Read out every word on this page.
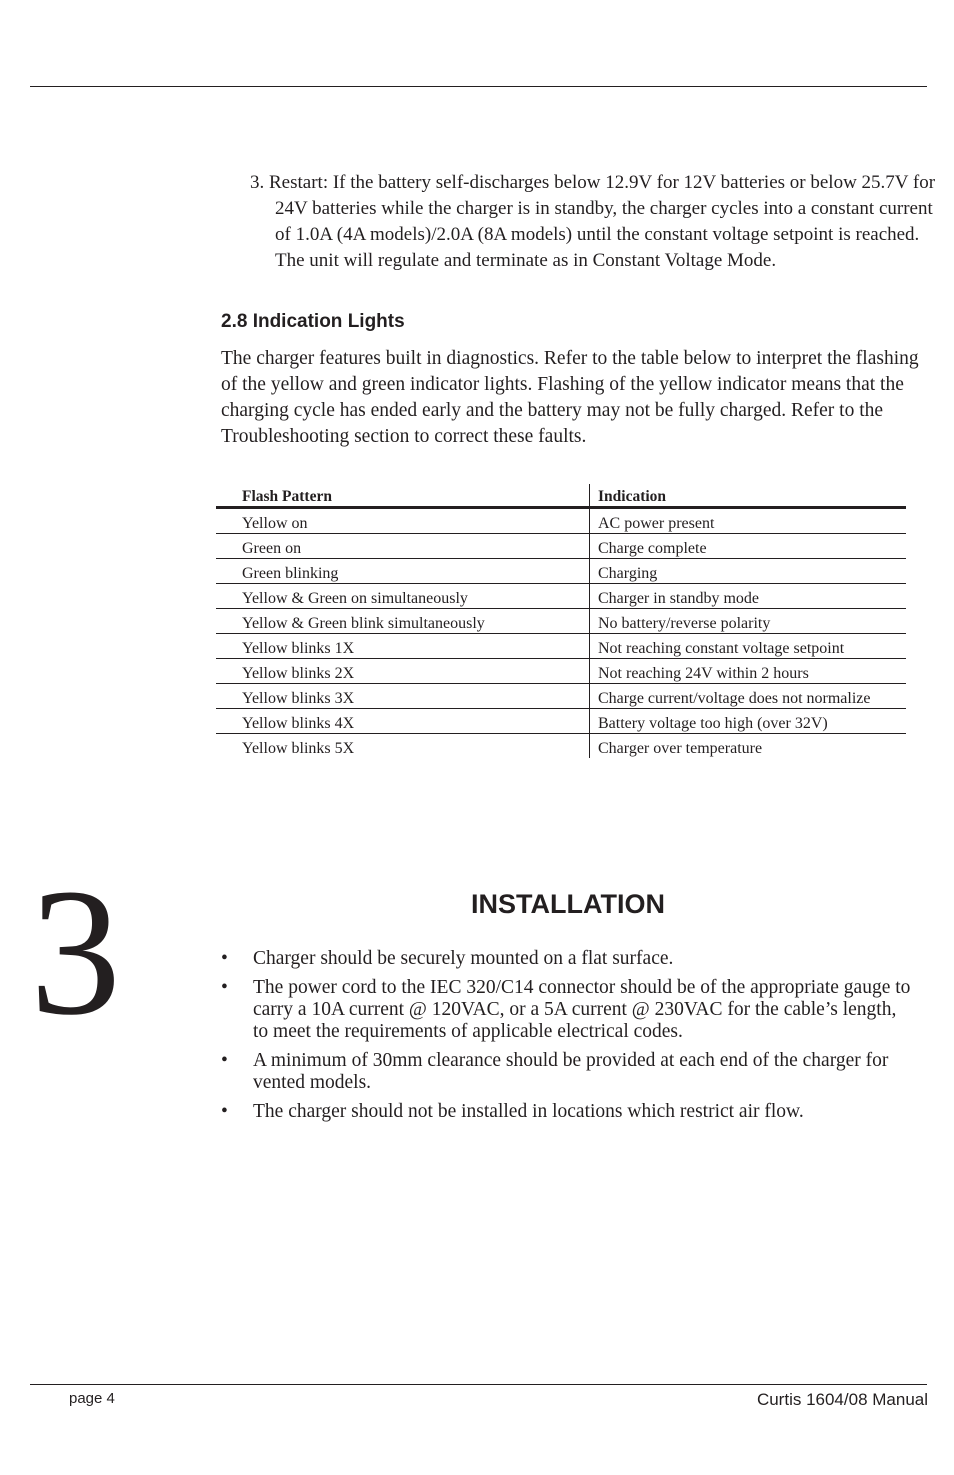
3. Restart: If the battery self-discharges below 12.9V for 12V batteries or below 25.7V for 24V batteries while the charger is in standby, the charger cycles into a constant current of 1.0A (4A models)/2.0A (8A models) until the constant voltage setpoint is reached. The unit will regulate and terminate as in Constant Voltage Mode.

2.8 Indication Lights

The charger features built in diagnostics. Refer to the table below to interpret the flashing of the yellow and green indicator lights. Flashing of the yellow indicator means that the charging cycle has ended early and the battery may not be fully charged. Refer to the Troubleshooting section to correct these faults.

Flash Pattern	Indication
Yellow on	AC power present
Green on	Charge complete
Green blinking	Charging
Yellow & Green on simultaneously	Charger in standby mode
Yellow & Green blink simultaneously	No battery/reverse polarity
Yellow blinks 1X	Not reaching constant voltage setpoint
Yellow blinks 2X	Not reaching 24V within 2 hours
Yellow blinks 3X	Charge current/voltage does not normalize
Yellow blinks 4X	Battery voltage too high (over 32V)
Yellow blinks 5X	Charger over temperature
3	INSTALLATION
• Charger should be securely mounted on a flat surface.
• The power cord to the IEC 320/C14 connector should be of the appropriate gauge to carry a 10A current @ 120VAC, or a 5A current @ 230VAC for the cable’s length, to meet the requirements of applicable electrical codes.
• A minimum of 30mm clearance should be provided at each end of the charger for vented models.
• The charger should not be installed in locations which restrict air flow.
page 4	Curtis 1604/08 Manual
